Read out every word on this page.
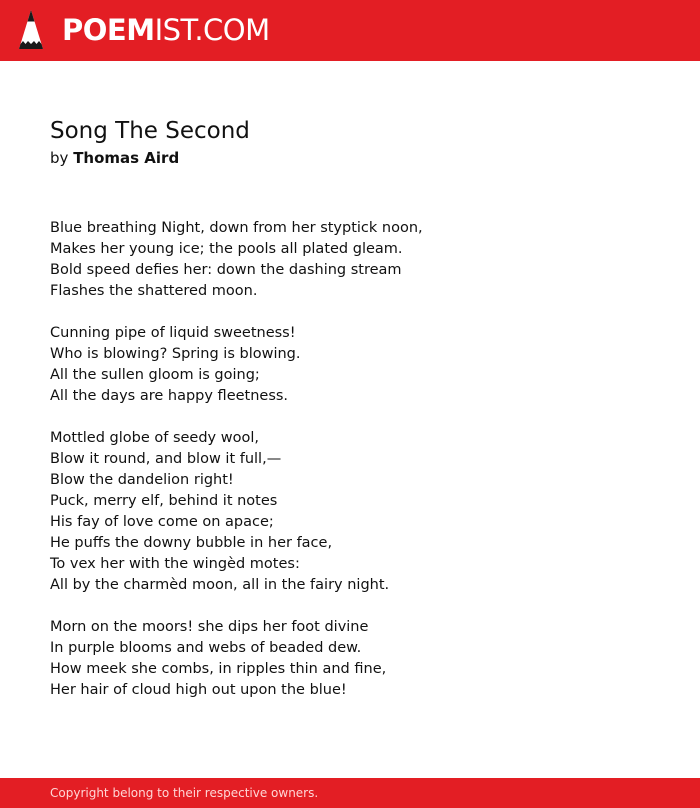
POEMIST.COM
Song The Second
by Thomas Aird
Blue breathing Night, down from her styptick noon,
Makes her young ice; the pools all plated gleam.
Bold speed defies her: down the dashing stream
Flashes the shattered moon.
Cunning pipe of liquid sweetness!
Who is blowing? Spring is blowing.
All the sullen gloom is going;
All the days are happy fleetness.
Mottled globe of seedy wool,
Blow it round, and blow it full,—
Blow the dandelion right!
Puck, merry elf, behind it notes
His fay of love come on apace;
He puffs the downy bubble in her face,
To vex her with the wingèd motes:
All by the charmèd moon, all in the fairy night.
Morn on the moors! she dips her foot divine
In purple blooms and webs of beaded dew.
How meek she combs, in ripples thin and fine,
Her hair of cloud high out upon the blue!
Copyright belong to their respective owners.
